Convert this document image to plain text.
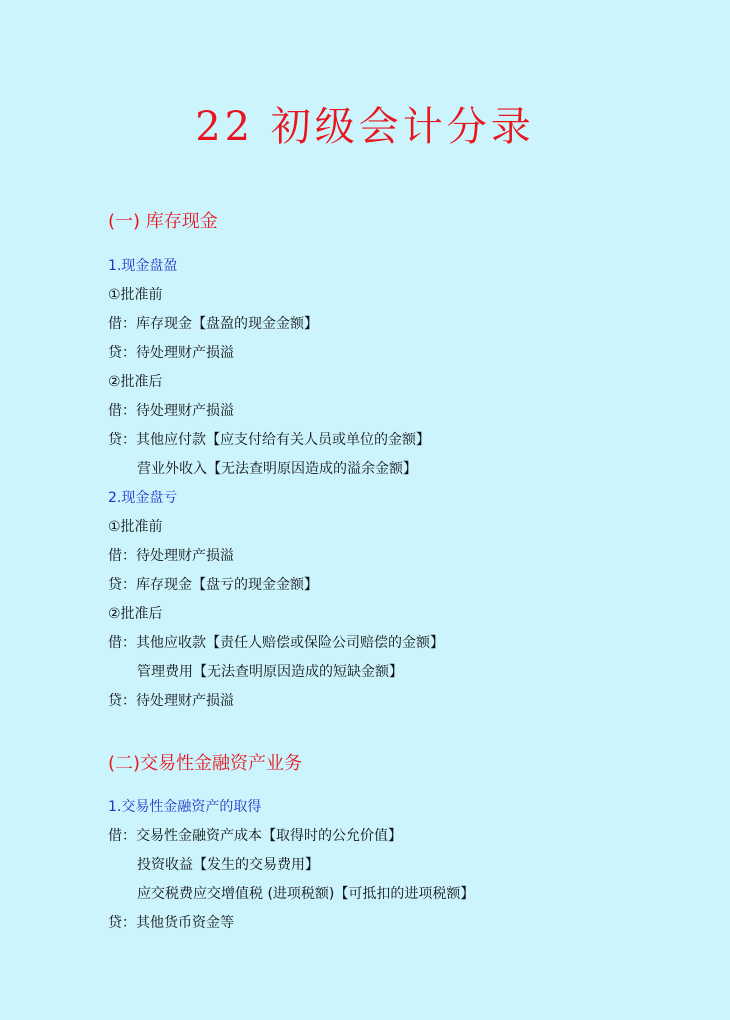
22 初级会计分录
(一) 库存现金
1.现金盘盈
①批准前
借：库存现金【盘盈的现金金额】
贷：待处理财产损溢
②批准后
借：待处理财产损溢
贷：其他应付款【应支付给有关人员或单位的金额】
营业外收入【无法查明原因造成的溢余金额】
2.现金盘亏
①批准前
借：待处理财产损溢
贷：库存现金【盘亏的现金金额】
②批准后
借：其他应收款【责任人赔偿或保险公司赔偿的金额】
管理费用【无法查明原因造成的短缺金额】
贷：待处理财产损溢
(二)交易性金融资产业务
1.交易性金融资产的取得
借：交易性金融资产成本【取得时的公允价值】
投资收益【发生的交易费用】
应交税费应交增值税 (进项税额)【可抵扣的进项税额】
贷：其他货币资金等
